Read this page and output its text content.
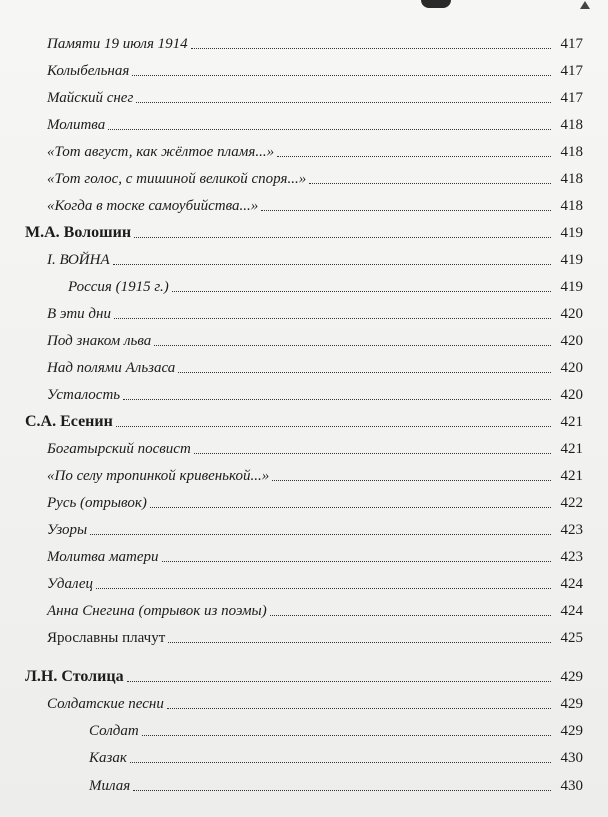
Памяти 19 июля 1914	417
Колыбельная	417
Майский снег	417
Молитва	418
«Тот август, как жёлтое пламя...»	418
«Тот голос, с тишиной великой споря...»	418
«Когда в тоске самоубийства...»	418
М.А. Волошин	419
I. ВОЙНА	419
Россия (1915 г.)	419
В эти дни	420
Под знаком льва	420
Над полями Альзаса	420
Усталость	420
С.А. Есенин	421
Богатырский посвист	421
«По селу тропинкой кривенькой...»	421
Русь (отрывок)	422
Узоры	423
Молитва матери	423
Удалец	424
Анна Снегина (отрывок из поэмы)	424
Ярославны плачут	425
Л.Н. Столица	429
Солдатские песни	429
Солдат	429
Казак	430
Милая	430
